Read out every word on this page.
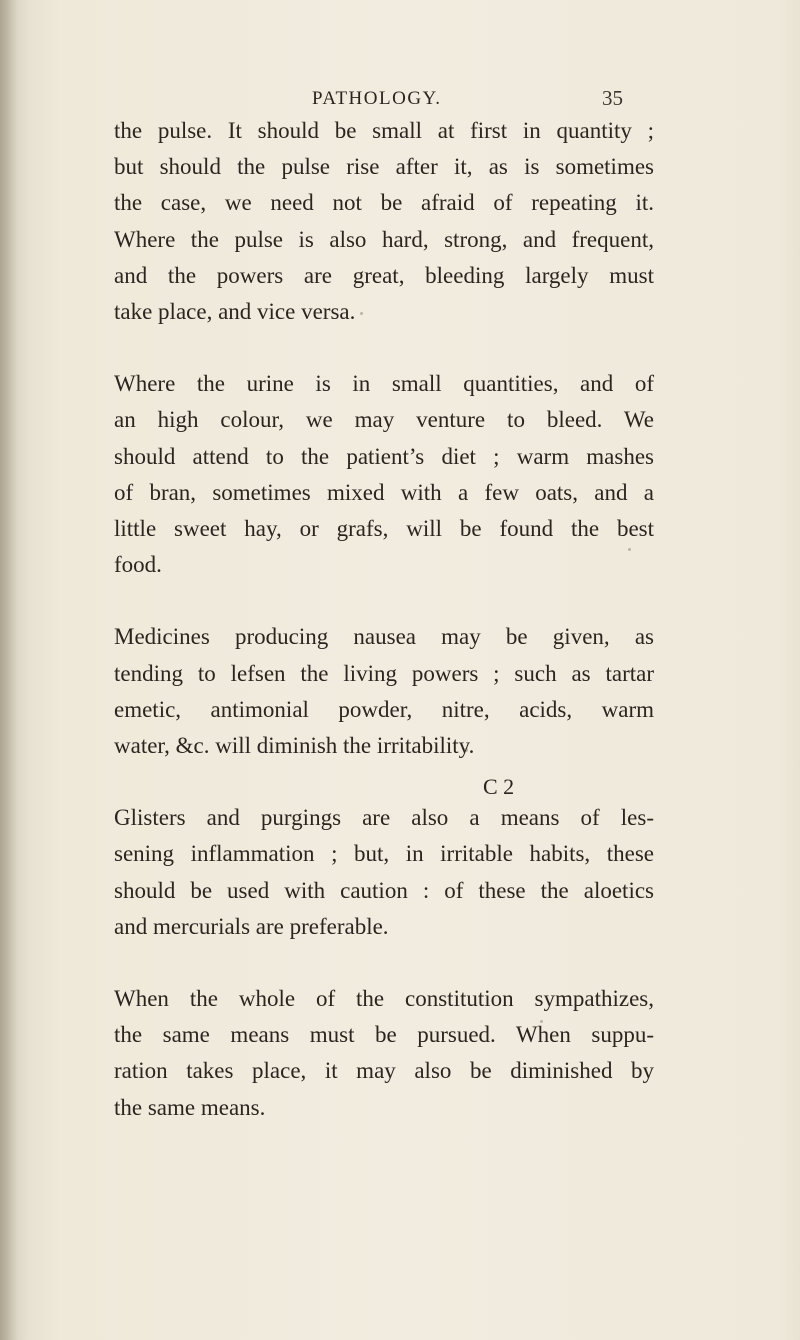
PATHOLOGY.	35

the pulse. It should be small at first in quantity ;
but should the pulse rise after it, as is sometimes
the case, we need not be afraid of repeating it.
Where the pulse is also hard, strong, and frequent,
and the powers are great, bleeding largely must

take place, and vice versa.

Where the urine is in small quantities, and of
an high colour, we may venture to bleed. We
should attend to the patient’s diet ; warm mashes
of bran, sometimes mixed with a few oats, and a
little sweet hay, or grafs, will be found the best

food.

Medicines producing nausea may be given, as
tending to lefsen the living powers ; such as tartar
emetic, antimonial powder, nitre, acids, warm

water, &c. will diminish the irritability.

Glisters and purgings are also a means of les-
sening inflammation ; but, in irritable habits, these
should be used with caution : of these the aloetics

and mercurials are preferable.

When the whole of the constitution sympathizes,
the same means must be pursued. When suppu-
ration takes place, it may also be diminished by

the same means.

C 2
